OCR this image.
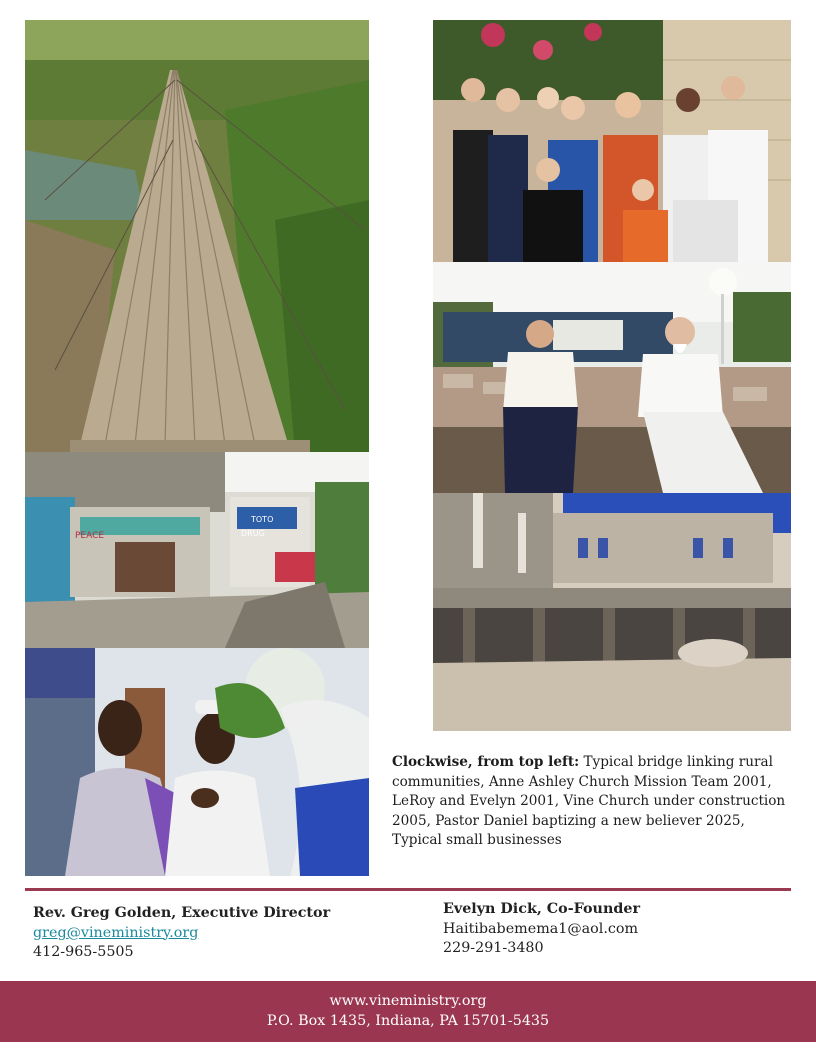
PEACE
TOTO
DRUG
Clockwise, from top left: Typical bridge linking rural communities, Anne Ashley Church Mission Team 2001, LeRoy and Evelyn 2001, Vine Church under construction 2005, Pastor Daniel baptizing a new believer 2025, Typical small businesses
Rev. Greg Golden, Executive Director
greg@vineministry.org
412-965-5505
Evelyn Dick, Co-Founder
Haitibabemema1@aol.com
229-291-3480
www.vineministry.org
P.O. Box 1435, Indiana, PA 15701-5435
